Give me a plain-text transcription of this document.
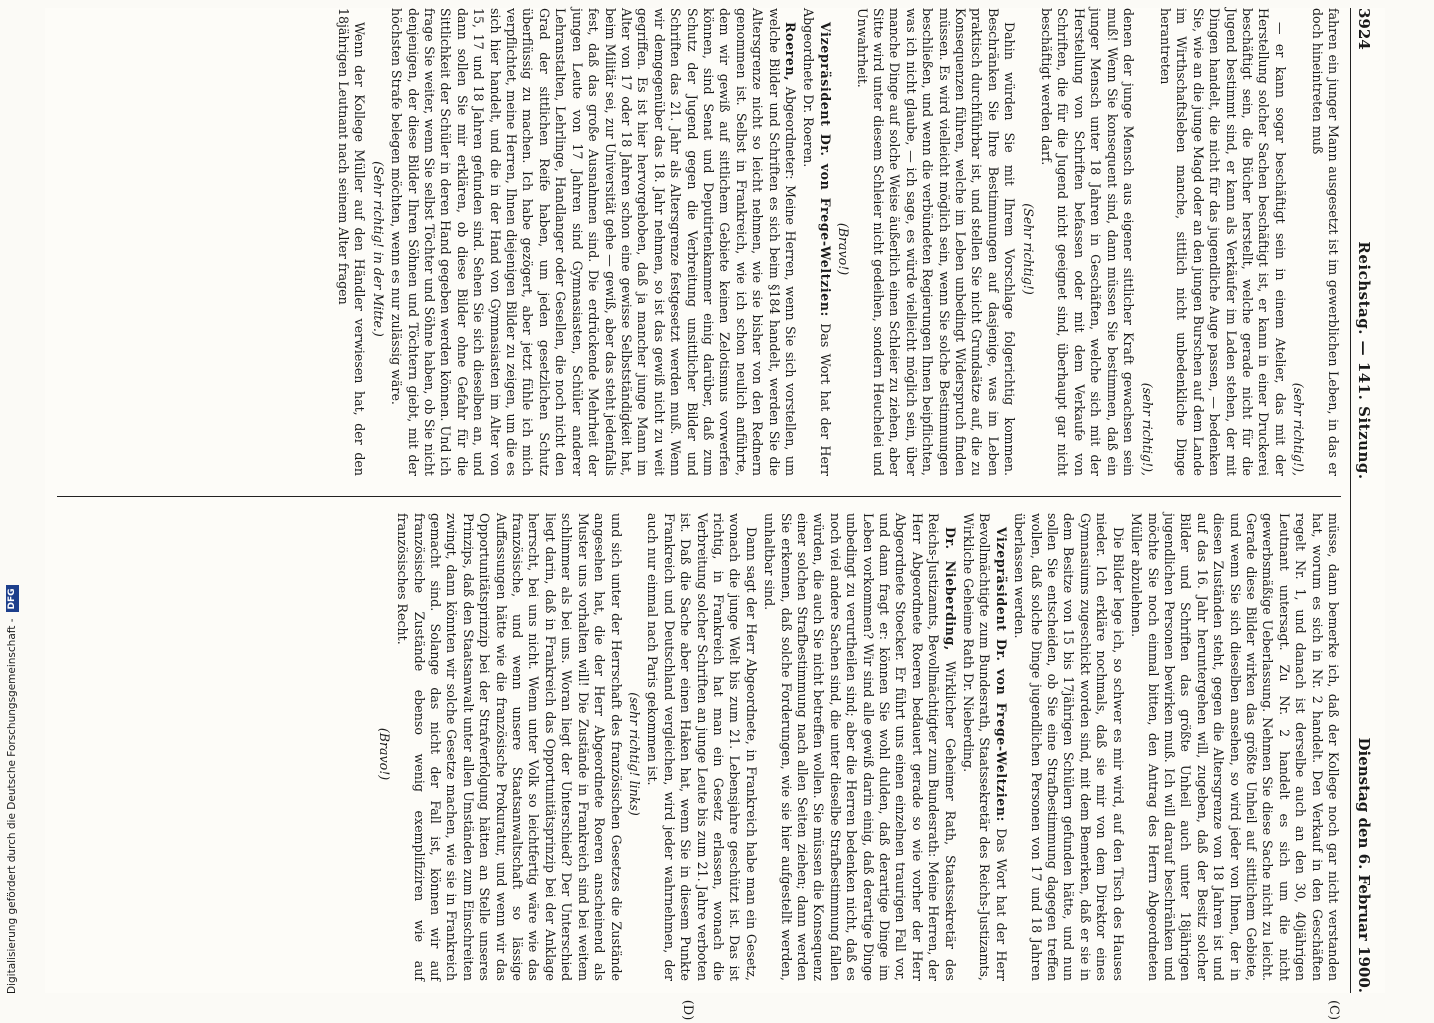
3924
Reichstag. — 141. Sitzung.
Dienstag den 6. Februar 1900.
(C)
(D)

fahren ein junger Mann ausgesetzt ist im gewerblichen Leben, in das er doch hineintreten muß

(sehr richtig!),

— er kann sogar beschäftigt sein in einem Atelier, das mit der Herstellung solcher Sachen beschäftigt ist, er kann in einer Druckerei beschäftigt sein, die Bücher herstellt, welche gerade nicht für die Jugend bestimmt sind, er kann als Verkäufer im Laden stehen, der mit Dingen handelt, die nicht für das jugendliche Auge passen, — bedenken Sie, wie an die junge Magd oder an den jungen Burschen auf dem Lande im Wirthschaftsleben manche, sittlich nicht unbedenkliche Dinge herantreten

(sehr richtig!),

denen der junge Mensch aus eigener sittlicher Kraft gewachsen sein muß! Wenn Sie konsequent sind, dann müssen Sie bestimmen, daß ein junger Mensch unter 18 Jahren in Geschäften, welche sich mit der Herstellung von Schriften befassen oder mit dem Verkaufe von Schriften, die für die Jugend nicht geeignet sind, überhaupt gar nicht beschäftigt werden darf.

(Sehr richtig!)

Dahin würden Sie mit Ihrem Vorschlage folgerichtig kommen. Beschränken Sie Ihre Bestimmungen auf dasjenige, was im Leben praktisch durchführbar ist, und stellen Sie nicht Grundsätze auf, die zu Konsequenzen führen, welche im Leben unbedingt Widerspruch finden müssen. Es wird vielleicht möglich sein, wenn Sie solche Bestimmungen beschließen, und wenn die verbündeten Regierungen Ihnen beipflichten, was ich nicht glaube, — ich sage, es würde vielleicht möglich sein, über manche Dinge auf solche Weise äußerlich einen Schleier zu ziehen, aber Sitte wird unter diesem Schleier nicht gedeihen, sondern Heuchelei und Unwahrheit.

(Bravo!)

Vizepräsident Dr. von Frege-Weltzien: Das Wort hat der Herr Abgeordnete Dr. Roeren.

Roeren, Abgeordneter: Meine Herren, wenn Sie sich vorstellen, um welche Bilder und Schriften es sich beim §184 handelt, werden Sie die Altersgrenze nicht so leicht nehmen, wie sie bisher von den Rednern genommen ist. Selbst in Frankreich, wie ich schon neulich anführte, dem wir gewiß auf sittlichem Gebiete keinen Zelotismus vorwerfen können, sind Senat und Deputirtenkammer einig darüber, daß zum Schutz der Jugend gegen die Verbreitung unsittlicher Bilder und Schriften das 21. Jahr als Altersgrenze festgesetzt werden muß. Wenn wir demgegenüber das 18. Jahr nehmen, so ist das gewiß nicht zu weit gegriffen. Es ist hier hervorgehoben, daß ja mancher junge Mann im Alter von 17 oder 18 Jahren schon eine gewisse Selbstständigkeit hat, beim Militär sei, zur Universität gehe — gewiß, aber das steht jedenfalls fest, daß das große Ausnahmen sind. Die erdrückende Mehrheit der jungen Leute von 17 Jahren sind Gymnasiasten, Schüler anderer Lehranstalten, Lehrlinge, Handlanger oder Gesellen, die noch nicht den Grad der sittlichen Reife haben, um jeden gesetzlichen Schutz überflüssig zu machen. Ich habe gezögert, aber jetzt fühle ich mich verpflichtet, meine Herren, Ihnen diejenigen Bilder zu zeigen, um die es sich hier handelt, und die in der Hand von Gymnasiasten im Alter von 15, 17 und 18 Jahren gefunden sind. Sehen Sie sich dieselben an, und dann sollen Sie mir erklären, ob diese Bilder ohne Gefahr für die Sittlichkeit der Schüler in deren Hand gegeben werden können. Und ich frage Sie weiter, wenn Sie selbst Töchter und Söhne haben, ob Sie nicht denjenigen, der diese Bilder Ihren Söhnen und Töchtern giebt, mit der höchsten Strafe belegen möchten, wenn es nur zulässig wäre.

(Sehr richtig! in der Mitte.)

Wenn der Kollege Müller auf den Händler verwiesen hat, der den 18jährigen Leutnant nach seinem Alter fragen

müsse, dann bemerke ich, daß der Kollege noch gar nicht verstanden hat, worum es sich in Nr. 2 handelt. Den Verkauf in den Geschäften regelt Nr. 1, und danach ist derselbe auch an den 30, 40jährigen Leutnant untersagt. Zu Nr. 2 handelt es sich um die nicht gewerbsmäßige Ueberlassung. Nehmen Sie diese Sache nicht zu leicht. Gerade diese Bilder wirken das größte Unheil auf sittlichem Gebiete, und wenn Sie sich dieselben ansehen, so wird jeder von Ihnen, der in diesen Zuständen steht, gegen die Altersgrenze von 18 Jahren ist und auf das 16. Jahr heruntergehen will, zugeben, daß der Besitz solcher Bilder und Schriften das größte Unheil auch unter 18jährigen jugendlichen Personen bewirken muß. Ich will darauf beschränken und möchte Sie noch einmal bitten, den Antrag des Herrn Abgeordneten Müller abzulehnen.

Die Bilder lege ich, so schwer es mir wird, auf den Tisch des Hauses nieder. Ich erkläre nochmals, daß sie mir von dem Direktor eines Gymnasiums zugeschickt worden sind, mit dem Bemerken, daß er sie in dem Besitze von 15 bis 17jährigen Schülern gefunden hätte, und nun sollen Sie entscheiden, ob Sie eine Strafbestimmung dagegen treffen wollen, daß solche Dinge jugendlichen Personen von 17 und 18 Jahren überlassen werden.

Vizepräsident Dr. von Frege-Weltzien: Das Wort hat der Herr Bevollmächtigte zum Bundesrath, Staatssekretär des Reichs-Justizamts, Wirkliche Geheime Rath Dr. Nieberding.

Dr. Nieberding, Wirklicher Geheimer Rath, Staatssekretär des Reichs-Justizamts, Bevollmächtigter zum Bundesrath: Meine Herren, der Herr Abgeordnete Roeren bedauert gerade so wie vorher der Herr Abgeordnete Stoecker. Er führt uns einen einzelnen traurigen Fall vor, und dann fragt er: können Sie wohl dulden, daß derartige Dinge im Leben vorkommen? Wir sind alle gewiß darin einig, daß derartige Dinge unbedingt zu verurtheilen sind; aber die Herren bedenken nicht, daß es noch viel andere Sachen sind, die unter dieselbe Strafbestimmung fallen würden, die auch Sie nicht betreffen wollen. Sie müssen die Konsequenz einer solchen Strafbestimmung nach allen Seiten ziehen; dann werden Sie erkennen, daß solche Forderungen, wie sie hier aufgestellt werden, unhaltbar sind.

Dann sagt der Herr Abgeordnete, in Frankreich habe man ein Gesetz, wonach die junge Welt bis zum 21. Lebensjahre geschützt ist. Das ist richtig, in Frankreich hat man ein Gesetz erlassen, wonach die Verbreitung solcher Schriften an junge Leute bis zum 21. Jahre verboten ist. Daß die Sache aber einen Haken hat, wenn Sie in diesem Punkte Frankreich und Deutschland vergleichen, wird jeder wahrnehmen, der auch nur einmal nach Paris gekommen ist.

(sehr richtig! links)

und sich unter der Herrschaft des französischen Gesetzes die Zustände angesehen hat, die der Herr Abgeordnete Roeren anscheinend als Muster uns vorhalten will! Die Zustände in Frankreich sind bei weitem schlimmer als bei uns. Woran liegt der Unterschied? Der Unterschied liegt darin, daß in Frankreich das Opportunitätsprinzip bei der Anklage herrscht, bei uns nicht. Wenn unter Volk so leichtfertig wäre wie das französische, und wenn unsere Staatsanwaltschaft so lässige Auffassungen hätte wie die französische Prokuratur, und wenn wir das Opportunitätsprinzip bei der Strafverfolgung hätten an Stelle unseres Prinzips, daß den Staatsanwalt unter allen Umständen zum Einschreiten zwingt, dann könnten wir solche Gesetze machen, wie sie in Frankreich gemacht sind. Solange das nicht der Fall ist, können wir auf französische Zustände ebenso wenig exemplifiziren wie auf französisches Recht.

(Bravo!)

Digitalisierung gefördert durch die Deutsche Forschungsgemeinschaft -DFG
